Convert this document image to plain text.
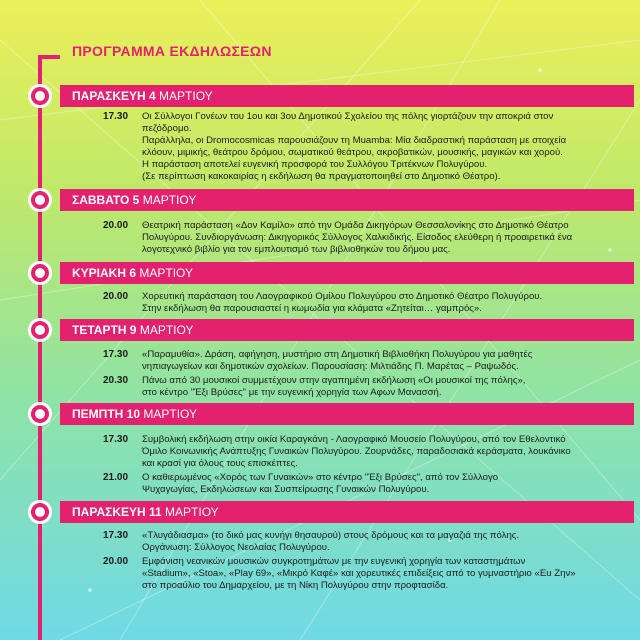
ΠΡΟΓΡΑΜΜΑ ΕΚΔΗΛΩΣΕΩΝ
ΠΑΡΑΣΚΕΥΗ 4 ΜΑΡΤΙΟΥ
17.30 Οι Σύλλογοι Γονέων του 1ου και 3ου Δημοτικού Σχολείου της πόλης γιορτάζουν την αποκριά στον
πεζόδρομο.
Παράλληλα, οι Dromocosmicas παρουσιάζουν τη Muamba: Μία διαδραστική παράσταση με στοιχεία
κλόουν, μιμικής, θεάτρου δρόμου, σωματικού θεάτρου, ακροβατικών, μουσικής, μαγικών και χορού.
Η παράσταση αποτελεί ευγενική προσφορά του Συλλόγου Τριτέκνων Πολυγύρου.
(Σε περίπτωση κακοκαιρίας η εκδήλωση θα πραγματοποιηθεί στο Δημοτικό Θέατρο).
ΣΑΒΒΑΤΟ 5 ΜΑΡΤΙΟΥ
20.00 Θεατρική παράσταση «Δον Καμίλο» από την Ομάδα Δικηγόρων Θεσσαλονίκης στο Δημοτικό Θέατρο
Πολυγύρου. Συνδιοργάνωση: Δικηγορικός Σύλλογος Χαλκιδικής. Είσοδος ελεύθερη ή προαιρετικά ένα
λογοτεχνικό βιβλίο για τον εμπλουτισμό των βιβλιοθηκών του δήμου μας.
ΚΥΡΙΑΚΗ 6 ΜΑΡΤΙΟΥ
20.00 Χορευτική παράσταση του Λαογραφικού Ομίλου Πολυγύρου στο Δημοτικό Θέατρο Πολυγύρου.
Στην εκδήλωση θα παρουσιαστεί η κωμωδία για κλάματα «Ζητείται… γαμπρός».
ΤΕΤΑΡΤΗ 9 ΜΑΡΤΙΟΥ
17.30 «Παραμυθία». Δράση, αφήγηση, μυστήριο στη Δημοτική Βιβλιοθήκη Πολυγύρου για μαθητές
νηπιαγωγείων και δημοτικών σχολείων. Παρουσίαση: Μιλτιάδης Π. Μαρέτας – Ραψωδός.
20.30 Πάνω από 30 μουσικοί συμμετέχουν στην αγαπημένη εκδήλωση «Οι μουσικοί της πόλης»,
στο κέντρο "Έξι Βρύσες" με την ευγενική χορηγία των Αφων Μανασσή.
ΠΕΜΠΤΗ 10 ΜΑΡΤΙΟΥ
17.30 Συμβολική εκδήλωση στην οικία Καραγκάνη - Λαογραφικό Μουσείο Πολυγύρου, από τον Εθελοντικό
Όμιλο Κοινωνικής Ανάπτυξης Γυναικών Πολυγύρου. Ζουρνάδες, παραδοσιακά κεράσματα, λουκάνικο
και κρασί για όλους τους επισκέπτες.
21.00 Ο καθιερωμένος «Χορός των Γυναικών» στο κέντρο "Έξι Βρύσες", από τον Σύλλογο
Ψυχαγωγίας, Εκδηλώσεων και Συσπείρωσης Γυναικών Πολυγύρου.
ΠΑΡΑΣΚΕΥΗ 11 ΜΑΡΤΙΟΥ
17.30 «Τλυγάδιασμα» (το δικό μας κυνήγι θησαυρού) στους δρόμους και τα μαγαζιά της πόλης.
Οργάνωση: Σύλλογος Νεολαίας Πολυγύρου.
20.00 Εμφάνιση νεανικών μουσικών συγκροτημάτων με την ευγενική χορηγία των καταστημάτων
«Stadium», «Stoa», «Play 69», «Μικρό Καφέ» και χορευτικές επιδείξεις από το γυμναστήριο «Eu Zην»
στο προαύλιο του Δημαρχείου, με τη Νίκη Πολυγύρου στην προφτασίδα.
